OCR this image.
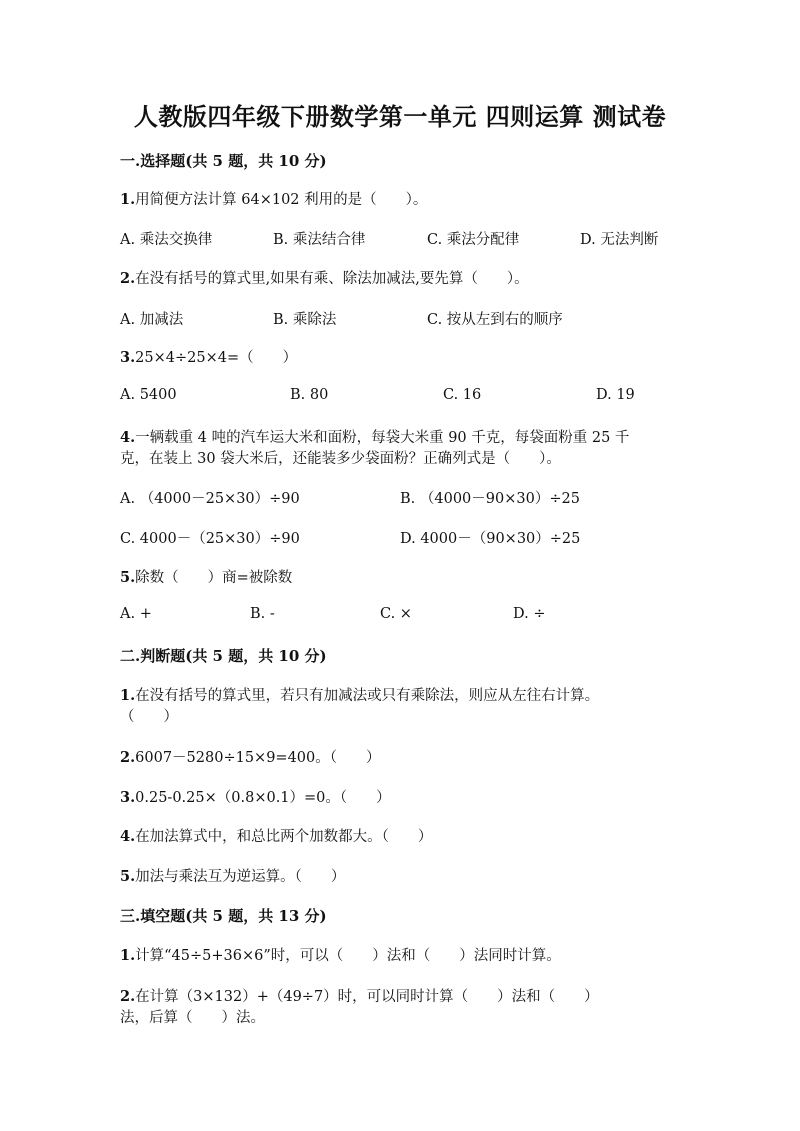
人教版四年级下册数学第一单元 四则运算 测试卷
一.选择题(共 5 题，共 10 分)
1.用简便方法计算 64×102 利用的是（　　）。
A. 乘法交换律	B. 乘法结合律	C. 乘法分配律	D. 无法判断
2.在没有括号的算式里,如果有乘、除法加减法,要先算（　　）。
A. 加减法	B. 乘除法	C. 按从左到右的顺序
3.25×4÷25×4=（　　）
A. 5400	B. 80	C. 16	D. 19
4.一辆载重 4 吨的汽车运大米和面粉，每袋大米重 90 千克，每袋面粉重 25 千
克，在装上 30 袋大米后，还能装多少袋面粉？正确列式是（　　）。
A. （4000－25×30）÷90	B. （4000－90×30）÷25
C. 4000－（25×30）÷90	D. 4000－（90×30）÷25
5.除数（　　）商=被除数
A. +	B. -	C. ×	D. ÷
二.判断题(共 5 题，共 10 分)
1.在没有括号的算式里，若只有加减法或只有乘除法，则应从左往右计算。
（　　）
2.6007－5280÷15×9=400。（　　）
3.0.25-0.25×（0.8×0.1）=0。（　　）
4.在加法算式中，和总比两个加数都大。（　　）
5.加法与乘法互为逆运算。（　　）
三.填空题(共 5 题，共 13 分)
1.计算“45÷5+36×6”时，可以（　　）法和（　　）法同时计算。
2.在计算（3×132）+（49÷7）时，可以同时计算（　　）法和（　　）
法，后算（　　）法。
